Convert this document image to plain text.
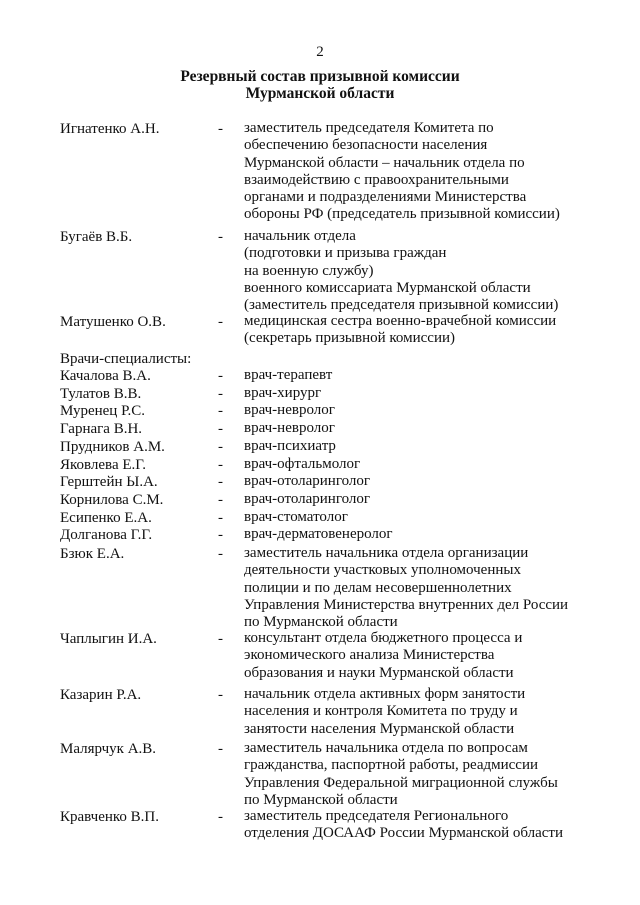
2
Резервный состав призывной комиссии
Мурманской области
Игнатенко А.Н.	- заместитель председателя Комитета по
обеспечению безопасности населения
Мурманской области – начальник отдела по
взаимодействию с правоохранительными
органами и подразделениями Министерства
обороны РФ (председатель призывной комиссии)
Бугаёв В.Б.	- начальник отдела
(подготовки и призыва граждан
на военную службу)
военного комиссариата Мурманской области
(заместитель председателя призывной комиссии)
Матушенко О.В.	- медицинская сестра военно-врачебной комиссии
(секретарь призывной комиссии)
Врачи-специалисты:
Качалова В.А.	- врач-терапевт
Тулатов В.В.	- врач-хирург
Муренец Р.С.	- врач-невролог
Гарнага В.Н.	- врач-невролог
Прудников А.М.	- врач-психиатр
Яковлева Е.Г.	- врач-офтальмолог
Герштейн Ы.А.	- врач-отоларинголог
Корнилова С.М.	- врач-отоларинголог
Есипенко Е.А.	- врач-стоматолог
Долганова Г.Г.	- врач-дерматовенеролог
Бзюк Е.А.	- заместитель начальника отдела организации
деятельности участковых уполномоченных
полиции и по делам несовершеннолетних
Управления Министерства внутренних дел России
по Мурманской области
Чаплыгин И.А.	- консультант отдела бюджетного процесса и
экономического анализа Министерства
образования и науки Мурманской области
Казарин Р.А.	- начальник отдела активных форм занятости
населения и контроля Комитета по труду и
занятости населения Мурманской области
Малярчук А.В.	- заместитель начальника отдела по вопросам
гражданства, паспортной работы, реадмиссии
Управления Федеральной миграционной службы
по Мурманской области
Кравченко В.П.	- заместитель председателя Регионального
отделения ДОСААФ России Мурманской области
